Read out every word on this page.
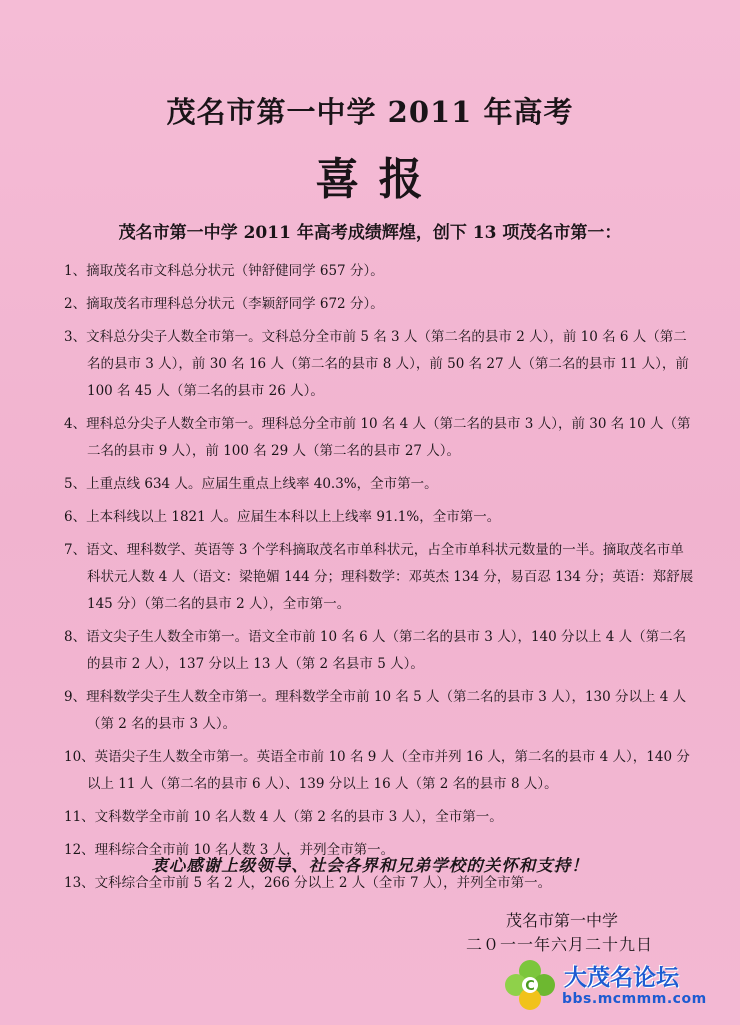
茂名市第一中学 2011 年高考
喜 报
茂名市第一中学 2011 年高考成绩辉煌，创下 13 项茂名市第一：
1、摘取茂名市文科总分状元（钟舒健同学 657 分）。
2、摘取茂名市理科总分状元（李颖舒同学 672 分）。
3、文科总分尖子人数全市第一。文科总分全市前 5 名 3 人（第二名的县市 2 人），前 10 名 6 人（第二名的县市 3 人），前 30 名 16 人（第二名的县市 8 人），前 50 名 27 人（第二名的县市 11 人），前 100 名 45 人（第二名的县市 26 人）。
4、理科总分尖子人数全市第一。理科总分全市前 10 名 4 人（第二名的县市 3 人），前 30 名 10 人（第二名的县市 9 人），前 100 名 29 人（第二名的县市 27 人）。
5、上重点线 634 人。应届生重点上线率 40.3%，全市第一。
6、上本科线以上 1821 人。应届生本科以上上线率 91.1%，全市第一。
7、语文、理科数学、英语等 3 个学科摘取茂名市单科状元，占全市单科状元数量的一半。摘取茂名市单科状元人数 4 人（语文：梁艳媚 144 分；理科数学：邓英杰 134 分，易百忍 134 分；英语：郑舒展 145 分）（第二名的县市 2 人），全市第一。
8、语文尖子生人数全市第一。语文全市前 10 名 6 人（第二名的县市 3 人），140 分以上 4 人（第二名的县市 2 人），137 分以上 13 人（第 2 名县市 5 人）。
9、理科数学尖子生人数全市第一。理科数学全市前 10 名 5 人（第二名的县市 3 人），130 分以上 4 人（第 2 名的县市 3 人）。
10、英语尖子生人数全市第一。英语全市前 10 名 9 人（全市并列 16 人，第二名的县市 4 人），140 分以上 11 人（第二名的县市 6 人）、139 分以上 16 人（第 2 名的县市 8 人）。
11、文科数学全市前 10 名人数 4 人（第 2 名的县市 3 人），全市第一。
12、理科综合全市前 10 名人数 3 人，并列全市第一。
13、文科综合全市前 5 名 2 人，266 分以上 2 人（全市 7 人），并列全市第一。
衷心感谢上级领导、社会各界和兄弟学校的关怀和支持！
茂名市第一中学
二０一一年六月二十九日
C 大茂名论坛
bbs.mcmmm.com
